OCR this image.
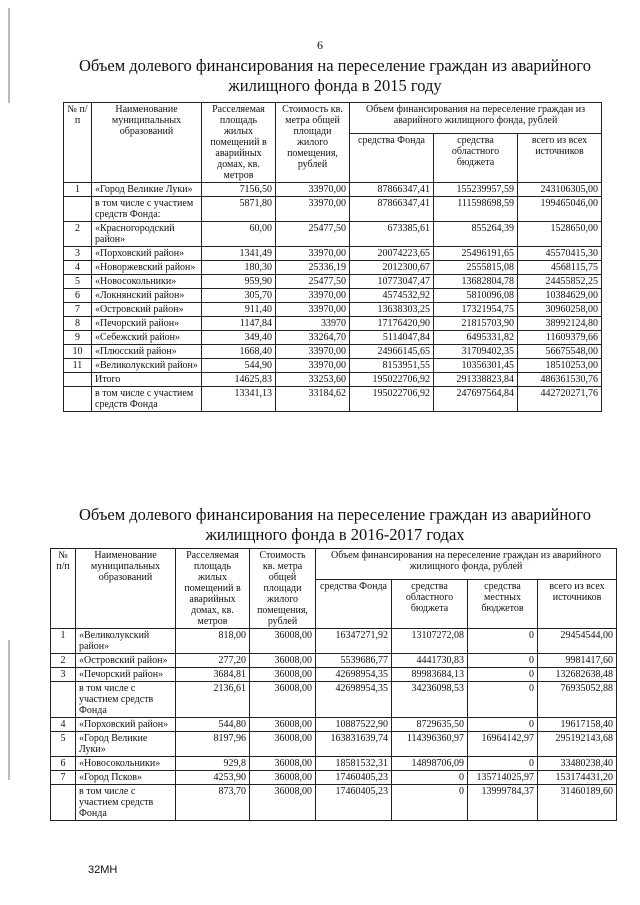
6
Объем долевого финансирования на переселение граждан из аварийного жилищного фонда в 2015 году
№ п/п	Наименование муниципальных образований	Расселяемая площадь жилых помещений в аварийных домах, кв. метров	Стоимость кв. метра общей площади жилого помещения, рублей	Объем финансирования на переселение граждан из аварийного жилищного фонда, рублей		
				средства Фонда	средства областного бюджета	всего из всех источников
1	«Город Великие Луки»	7156,50	33970,00	87866347,41	155239957,59	243106305,00
	в том числе с участием средств Фонда:	5871,80	33970,00	87866347,41	111598698,59	199465046,00
2	«Красногородский район»	60,00	25477,50	673385,61	855264,39	1528650,00
3	«Порховский район»	1341,49	33970,00	20074223,65	25496191,65	45570415,30
4	«Новоржевский район»	180,30	25336,19	2012300,67	2555815,08	4568115,75
5	«Новосокольники»	959,90	25477,50	10773047,47	13682804,78	24455852,25
6	«Локнянский район»	305,70	33970,00	4574532,92	5810096,08	10384629,00
7	«Островский район»	911,40	33970,00	13638303,25	17321954,75	30960258,00
8	«Печорский район»	1147,84	33970	17176420,90	21815703,90	38992124,80
9	«Себежский район»	349,40	33264,70	5114047,84	6495331,82	11609379,66
10	«Плюсский район»	1668,40	33970,00	24966145,65	31709402,35	56675548,00
11	«Великолукский район»	544,90	33970,00	8153951,55	10356301,45	18510253,00
	Итого	14625,83	33253,60	195022706,92	291338823,84	486361530,76
	в том числе с участием средств Фонда	13341,13	33184,62	195022706,92	247697564,84	442720271,76
Объем долевого финансирования на переселение граждан из аварийного жилищного фонда в 2016-2017 годах
№ п/п	Наименование муниципальных образований	Расселяемая площадь жилых помещений в аварийных домах, кв. метров	Стоимость кв. метра общей площади жилого помещения, рублей	Объем финансирования на переселение граждан из аварийного жилищного фонда, рублей			
				средства Фонда	средства областного бюджета	средства местных бюджетов	всего из всех источников
1	«Великолукский район»	818,00	36008,00	16347271,92	13107272,08	0	29454544,00
2	«Островский район»	277,20	36008,00	5539686,77	4441730,83	0	9981417,60
3	«Печорский район»	3684,81	36008,00	42698954,35	89983684,13	0	132682638,48
	в том числе с участием средств Фонда	2136,61	36008,00	42698954,35	34236098,53	0	76935052,88
4	«Порховский район»	544,80	36008,00	10887522,90	8729635,50	0	19617158,40
5	«Город Великие Луки»	8197,96	36008,00	163831639,74	114396360,97	16964142,97	295192143,68
6	«Новосокольники»	929,8	36008,00	18581532,31	14898706,09	0	33480238,40
7	«Город Псков»	4253,90	36008,00	17460405,23	0	135714025,97	153174431,20
	в том числе с участием средств Фонда	873,70	36008,00	17460405,23	0	13999784,37	31460189,60
32МН
